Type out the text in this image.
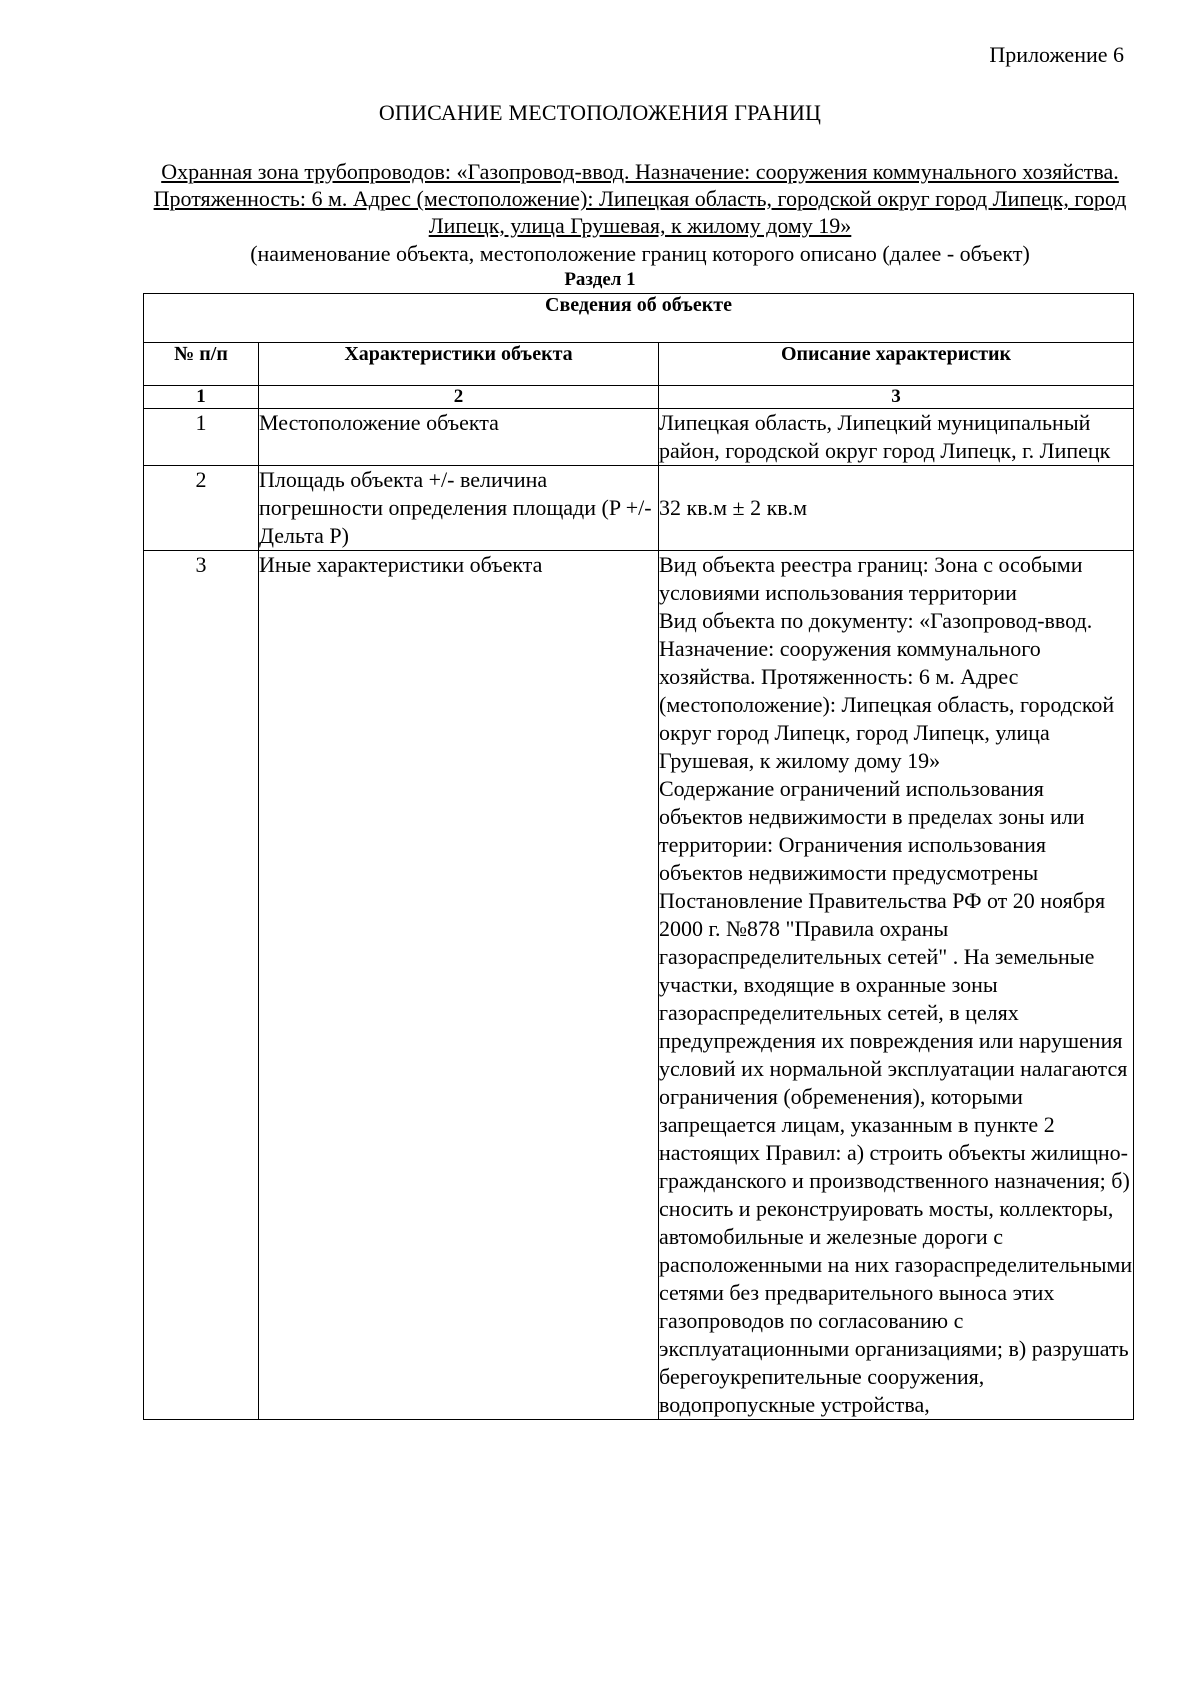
Приложение 6
ОПИСАНИЕ МЕСТОПОЛОЖЕНИЯ ГРАНИЦ
Охранная зона трубопроводов: «Газопровод-ввод. Назначение: сооружения коммунального хозяйства. Протяженность: 6 м. Адрес (местоположение): Липецкая область, городской округ город Липецк, город Липецк, улица Грушевая, к жилому дому 19»
(наименование объекта, местоположение границ которого описано (далее - объект)
Раздел 1
Сведения об объекте		
№ п/п	Характеристики объекта	Описание характеристик
1	2	3
1	Местоположение объекта	Липецкая область, Липецкий муниципальный район, городской округ город Липецк, г. Липецк

2	Площадь объекта +/- величина погрешности определения площади (P +/- Дельта P)	32 кв.м ± 2 кв.м

3	Иные характеристики объекта	Вид объекта реестра границ: Зона с особыми условиями использования территории
Вид объекта по документу: «Газопровод-ввод. Назначение: сооружения коммунального хозяйства. Протяженность: 6 м. Адрес (местоположение): Липецкая область, городской округ город Липецк, город Липецк, улица Грушевая, к жилому дому 19»
Содержание ограничений использования объектов недвижимости в пределах зоны или территории: Ограничения использования объектов недвижимости предусмотрены Постановление Правительства РФ от 20 ноября 2000 г. №878 "Правила охраны газораспределительных сетей" . На земельные участки, входящие в охранные зоны газораспределительных сетей, в целях предупреждения их повреждения или нарушения условий их нормальной эксплуатации налагаются ограничения (обременения), которыми запрещается лицам, указанным в пункте 2 настоящих Правил: а) строить объекты жилищно-гражданского и производственного назначения; б) сносить и реконструировать мосты, коллекторы, автомобильные и железные дороги с расположенными на них газораспределительными сетями без предварительного выноса этих газопроводов по согласованию с эксплуатационными организациями; в) разрушать берегоукрепительные сооружения, водопропускные устройства,
